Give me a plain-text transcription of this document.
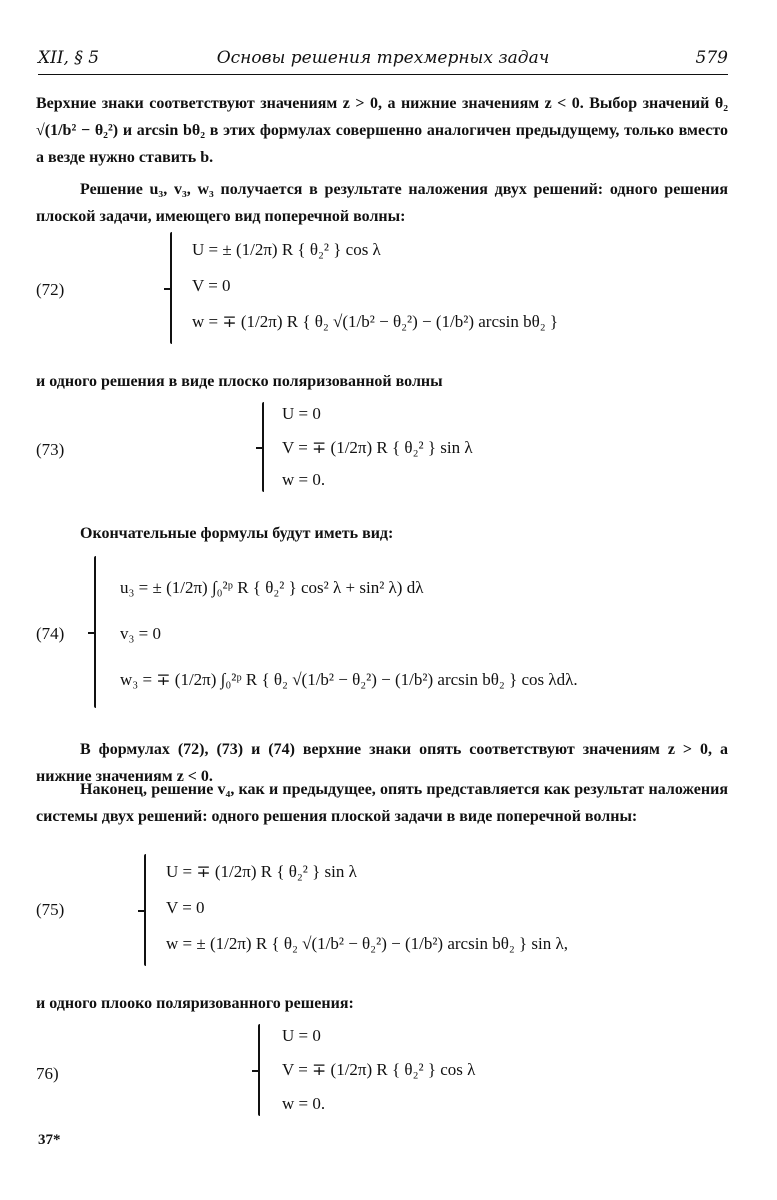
XII, § 5	Основы решения трехмерных задач	579
Верхние знаки соответствуют значениям z > 0, а нижние значениям z < 0. Выбор значений θ₂ √(1/b² − θ₂²) и arcsin bθ₂ в этих формулах совершенно аналогичен предыдущему, только вместо a везде нужно ставить b.
Решение u₃, v₃, w₃ получается в результате наложения двух решений: одного решения плоской задачи, имеющего вид поперечной волны:
(72)
U = ± (1/2π) R { θ₂² } cos λ
V = 0
w = ∓ (1/2π) R { θ₂ √(1/b² − θ₂²) − (1/b²) arcsin bθ₂ }
и одного решения в виде плоско поляризованной волны
(73)
U = 0
V = ∓ (1/2π) R { θ₂² } sin λ
w = 0.
Окончательные формулы будут иметь вид:
(74)
u₃ = ± (1/2π) ∫₀²ᵖ R { θ₂² } cos² λ + sin² λ) dλ
v₃ = 0
w₃ = ∓ (1/2π) ∫₀²ᵖ R { θ₂ √(1/b² − θ₂²) − (1/b²) arcsin bθ₂ } cos λdλ.
В формулах (72), (73) и (74) верхние знаки опять соответствуют значениям z > 0, а нижние значениям z < 0.
Наконец, решение v₄, как и предыдущее, опять представляется как результат наложения системы двух решений: одного решения плоской задачи в виде поперечной волны:
(75)
U = ∓ (1/2π) R { θ₂² } sin λ
V = 0
w = ± (1/2π) R { θ₂ √(1/b² − θ₂²) − (1/b²) arcsin bθ₂ } sin λ,
и одного плооко поляризованного решения:
76)
U = 0
V = ∓ (1/2π) R { θ₂² } cos λ
w = 0.
37*
